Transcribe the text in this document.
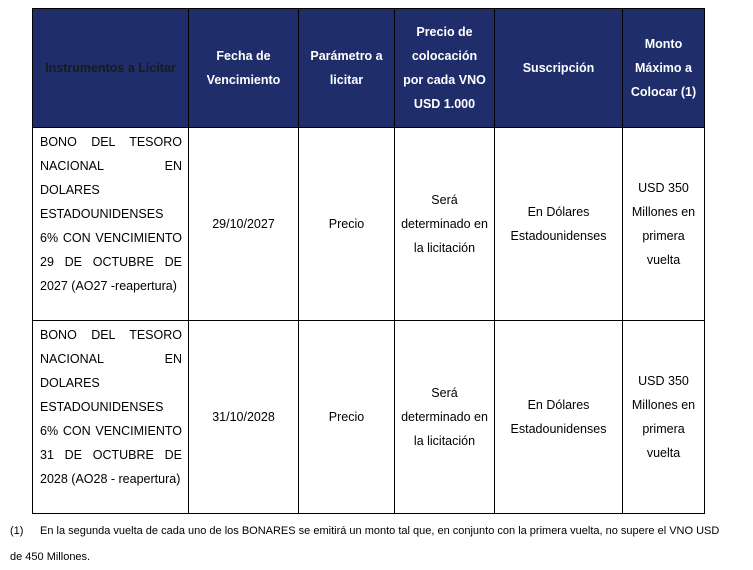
Instrumentos a Licitar	Fecha de Vencimiento	Parámetro a licitar	Precio de colocación por cada VNO USD 1.000	Suscripción	Monto Máximo a Colocar (1)
BONO DEL TESORO NACIONAL EN DOLARES ESTADOUNIDENSES 6% CON VENCIMIENTO 29 DE OCTUBRE DE 2027 (AO27 -reapertura)	29/10/2027	Precio	Será determinado en la licitación	En Dólares Estadounidenses	USD 350 Millones en primera vuelta
BONO DEL TESORO NACIONAL EN DOLARES ESTADOUNIDENSES 6% CON VENCIMIENTO 31 DE OCTUBRE DE 2028 (AO28 - reapertura)	31/10/2028	Precio	Será determinado en la licitación	En Dólares Estadounidenses	USD 350 Millones en primera vuelta
(1) En la segunda vuelta de cada uno de los BONARES se emitirá un monto tal que, en conjunto con la primera vuelta, no supere el VNO USD de 450 Millones.
